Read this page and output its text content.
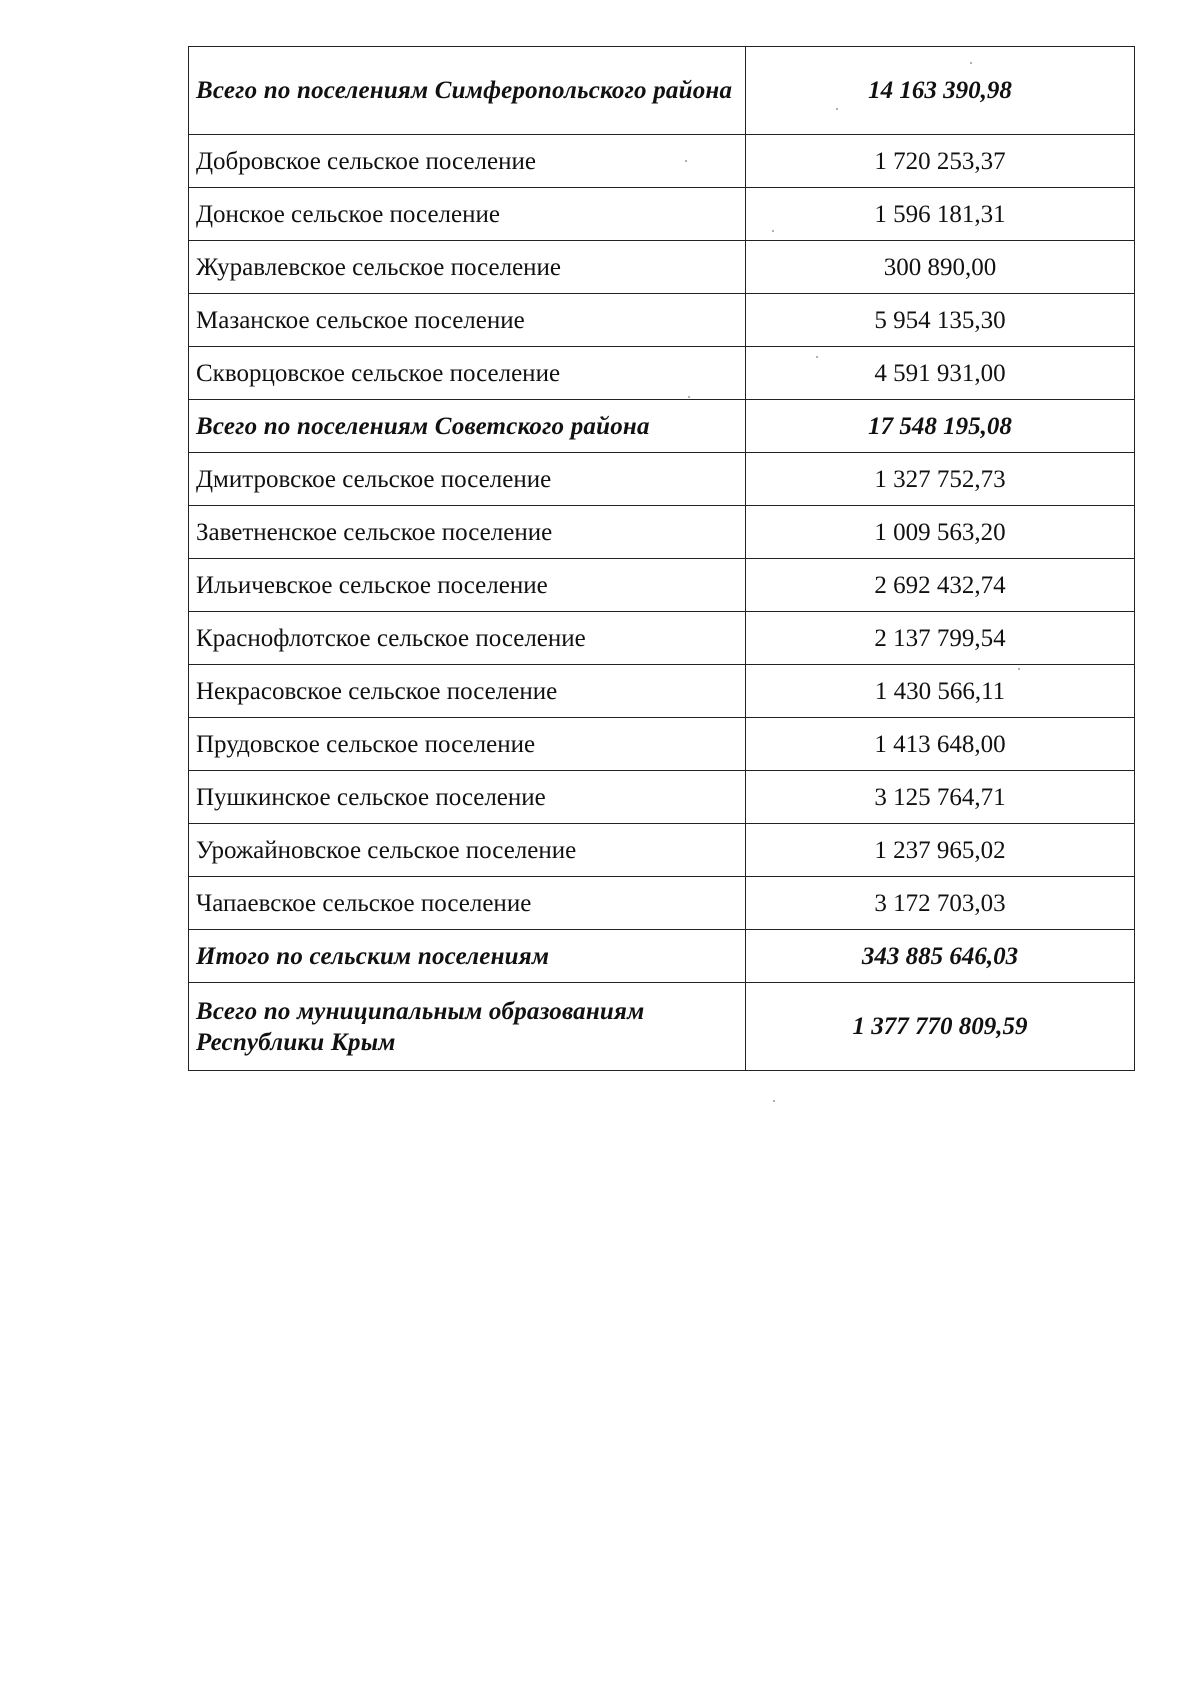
Всего по поселениям Симферопольского района	14 163 390,98
Добровское сельское поселение	1 720 253,37
Донское сельское поселение	1 596 181,31
Журавлевское сельское поселение	300 890,00
Мазанское сельское поселение	5 954 135,30
Скворцовское сельское поселение	4 591 931,00
Всего по поселениям Советского района	17 548 195,08
Дмитровское сельское поселение	1 327 752,73
Заветненское сельское поселение	1 009 563,20
Ильичевское сельское поселение	2 692 432,74
Краснофлотское сельское поселение	2 137 799,54
Некрасовское сельское поселение	1 430 566,11
Прудовское сельское поселение	1 413 648,00
Пушкинское сельское поселение	3 125 764,71
Урожайновское сельское поселение	1 237 965,02
Чапаевское сельское поселение	3 172 703,03
Итого по сельским поселениям	343 885 646,03
Всего по муниципальным образованиям Республики Крым	1 377 770 809,59
